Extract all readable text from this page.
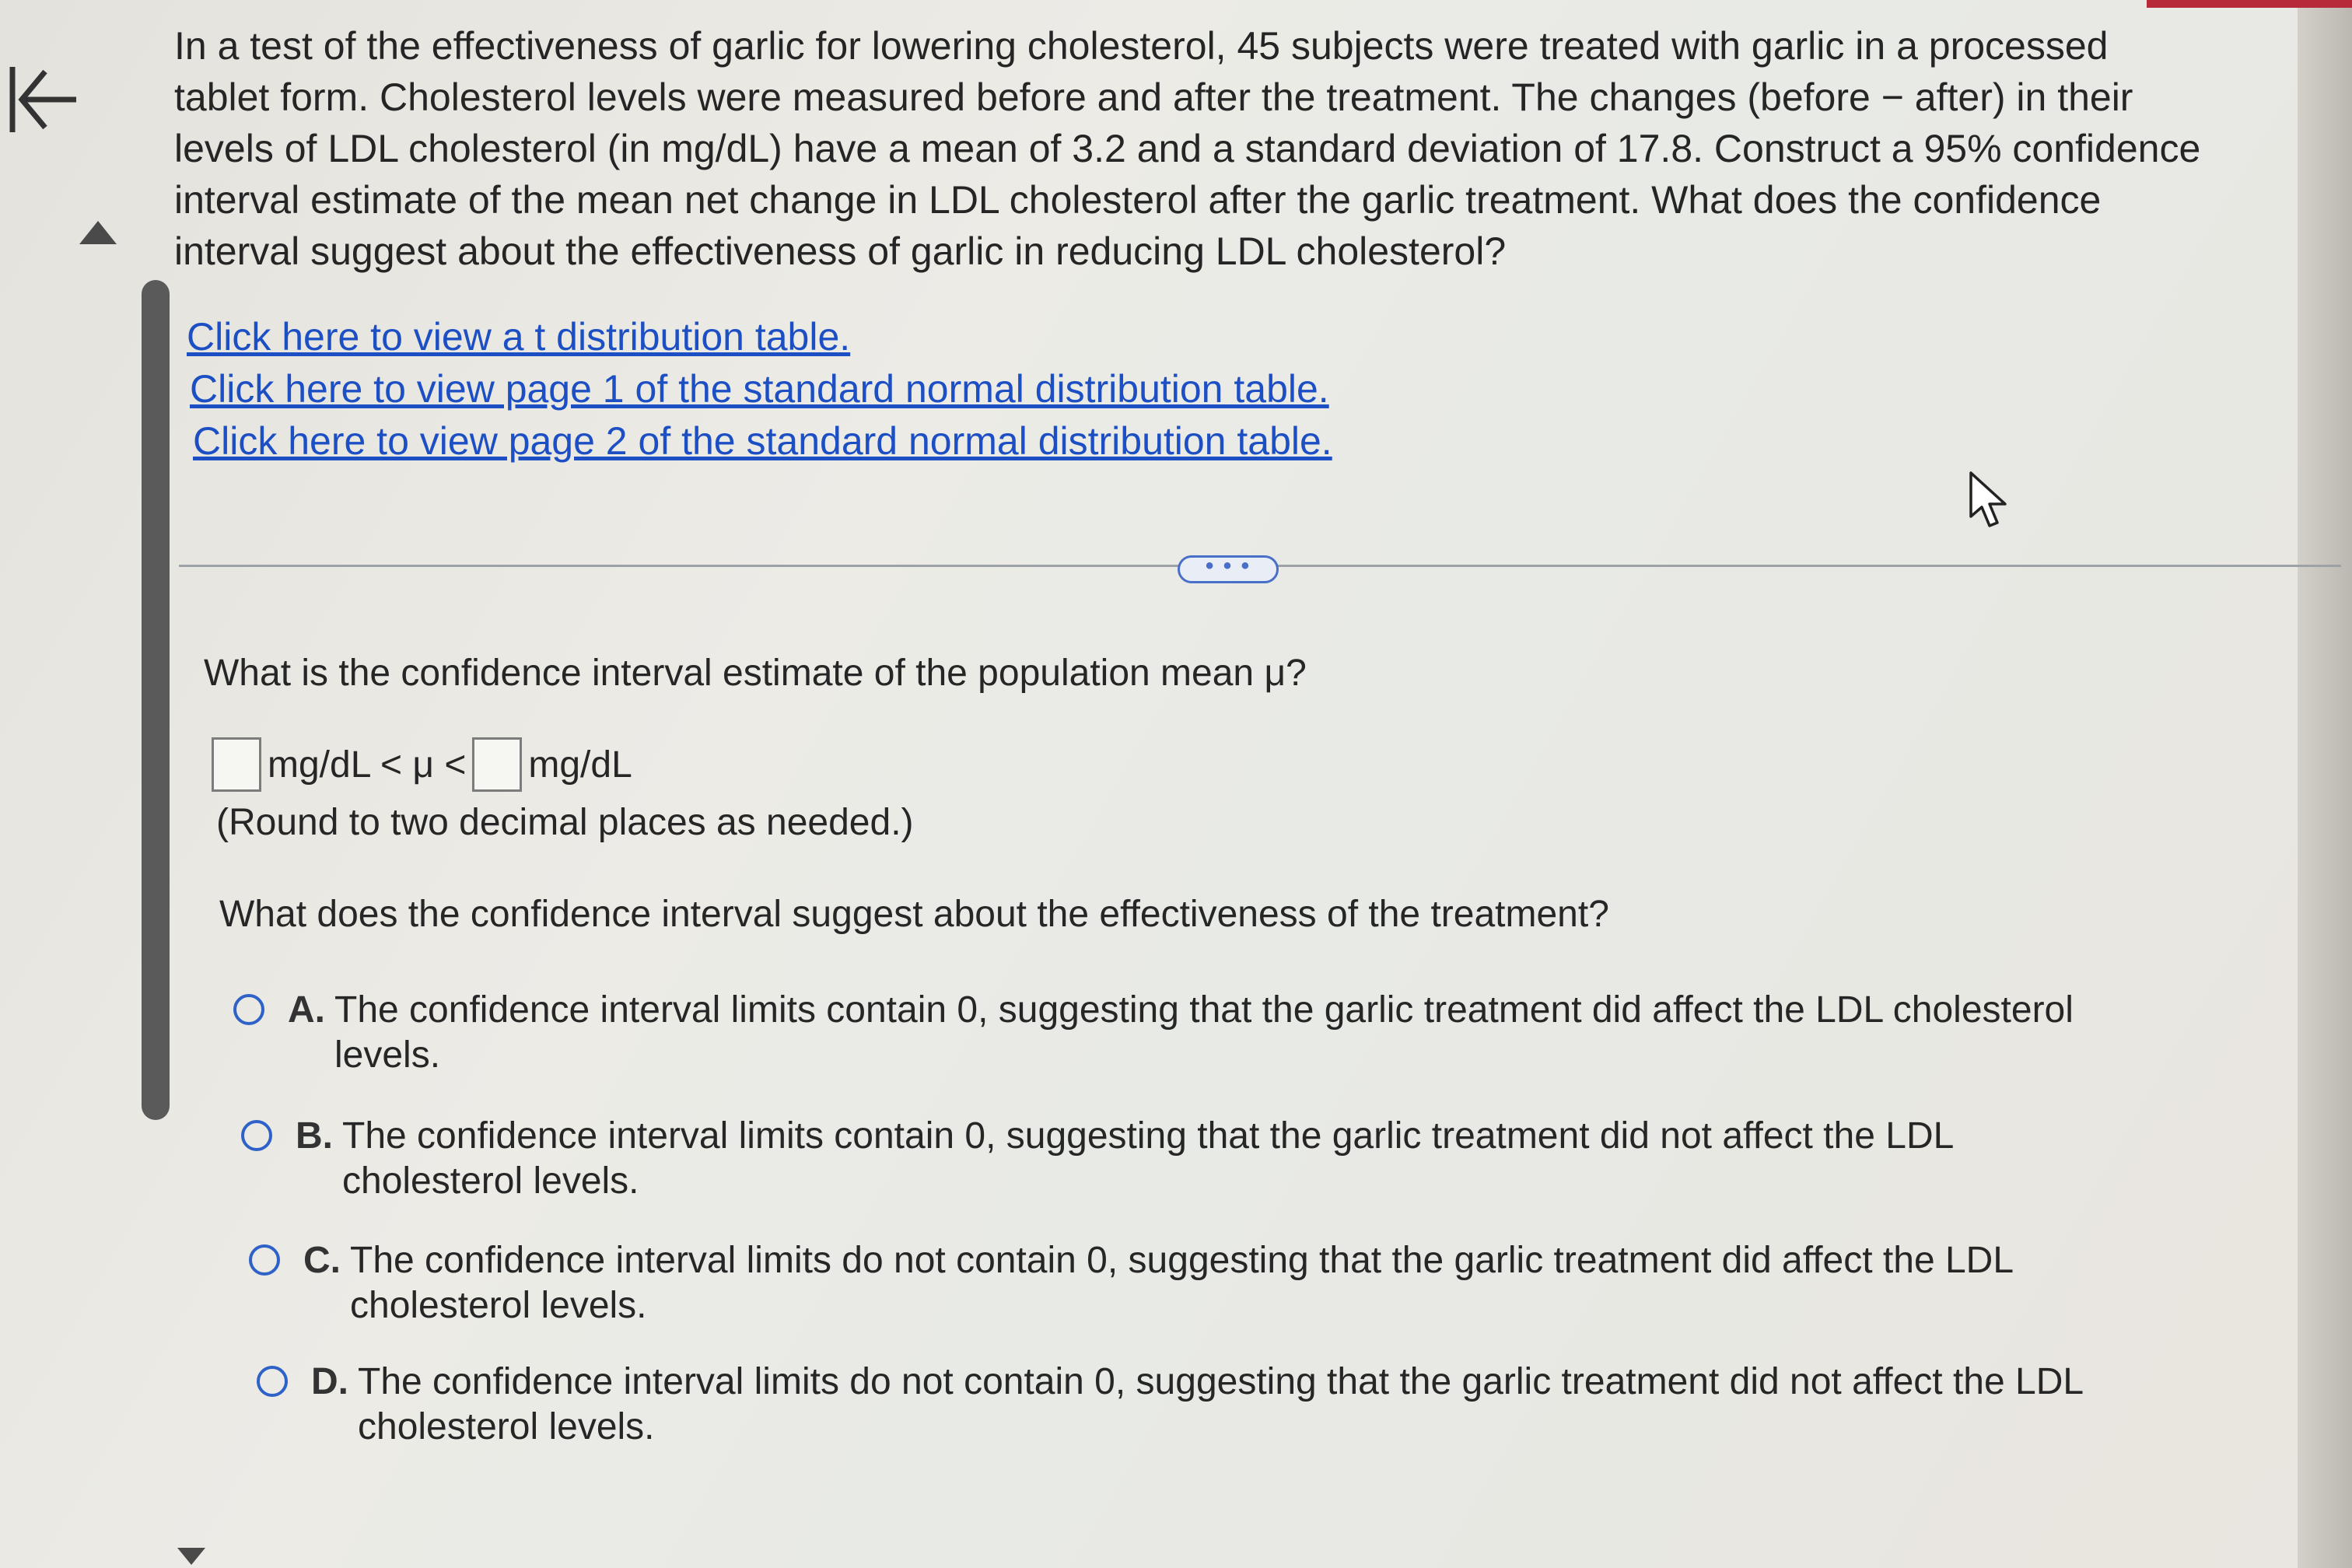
In a test of the effectiveness of garlic for lowering cholesterol, 45 subjects were treated with garlic in a processed
tablet form. Cholesterol levels were measured before and after the treatment. The changes (before − after) in their
levels of LDL cholesterol (in mg/dL) have a mean of 3.2 and a standard deviation of 17.8. Construct a 95% confidence
interval estimate of the mean net change in LDL cholesterol after the garlic treatment. What does the confidence
interval suggest about the effectiveness of garlic in reducing LDL cholesterol?
Click here to view a t distribution table.
Click here to view page 1 of the standard normal distribution table.
Click here to view page 2 of the standard normal distribution table.
• • •
What is the confidence interval estimate of the population mean μ?
mg/dL < μ < mg/dL
(Round to two decimal places as needed.)
What does the confidence interval suggest about the effectiveness of the treatment?
A. The confidence interval limits contain 0, suggesting that the garlic treatment did affect the LDL cholesterol
levels.
B. The confidence interval limits contain 0, suggesting that the garlic treatment did not affect the LDL
cholesterol levels.
C. The confidence interval limits do not contain 0, suggesting that the garlic treatment did affect the LDL
cholesterol levels.
D. The confidence interval limits do not contain 0, suggesting that the garlic treatment did not affect the LDL
cholesterol levels.
